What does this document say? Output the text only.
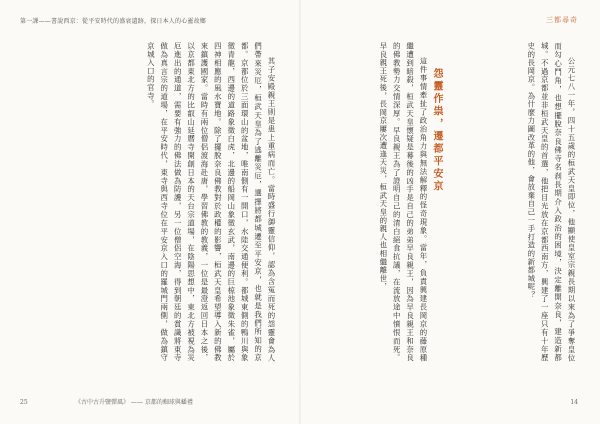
第一課——書說西京：從平安時代的盛衰遺跡，探日本人的心靈故鄉	三都尋奇

其子安殿親王則是患上重病而亡。當時盛行御靈信仰，認為含冤而死的怨靈會為人們帶來災厄，桓武天皇為了逃離災厄，選擇將都城遷至平安京，也就是我們所知的京都。京都位於三面環山的盆地，唯南側有一開口，水陸交通便利。都城東側的鴨川與象徵青龍，西邊的道路象徵白虎，北邊的船岡山象徵玄武，南邊的巨椋池象徵朱雀，屬於四神相應的風水寶地。除了擺脫奈良佛教對於政權的影響，桓武天皇希望導入新的佛教來鎮護國家。當時有兩位僧侶渡海赴唐，學習佛教的教義，一位是最澄返回日本之後，以京都東北方的比叡山延曆寺開創日本的天台宗道場，在陰陽思想中，東北方被視為災厄進出的通道，需要有強力的佛法做為防護，另一位僧侶空海，得到朝廷的賞識將東寺做為真言宗的道場，在平安時代，東寺與西寺位在平安京入口的羅城門兩側，做為鎮守京城入口的官寺。	公元七八一年，四十五歲的桓武天皇即位，他顯使皇室宗親長期以來為了爭奪皇位而勾心鬥角，也想擺脫奈良佛寺名刹長期介入政治的困境，決定離開奈良，建造新都城。不過京都並非桓武天皇的首選，他把目光放在京都西南方，興建了一座只有十年歷史的長岡京。為什麼力圖改革的他，會放棄自己一手打造的新都城呢？

怨靈作祟，遷都平安京

這件事情牽扯了政治角力與無法解釋的怪奇現象。當年，負責興建長岡京的藤原種繼遭到暗殺，桓武天皇懷疑是幕後的凶手是自己的弟弟早良親王，因為早良親王和奈良的佛教勢力交情深厚。早良親王為了證明自己的清白絕食抗議，在流放途中憤恨而死。早良親王死後，長岡京屢次遭逢天災，桓武天皇的親人也相繼離世，

25	《古中古升鹽彈風》 —— 京都的蜘球與蟠禮	14
